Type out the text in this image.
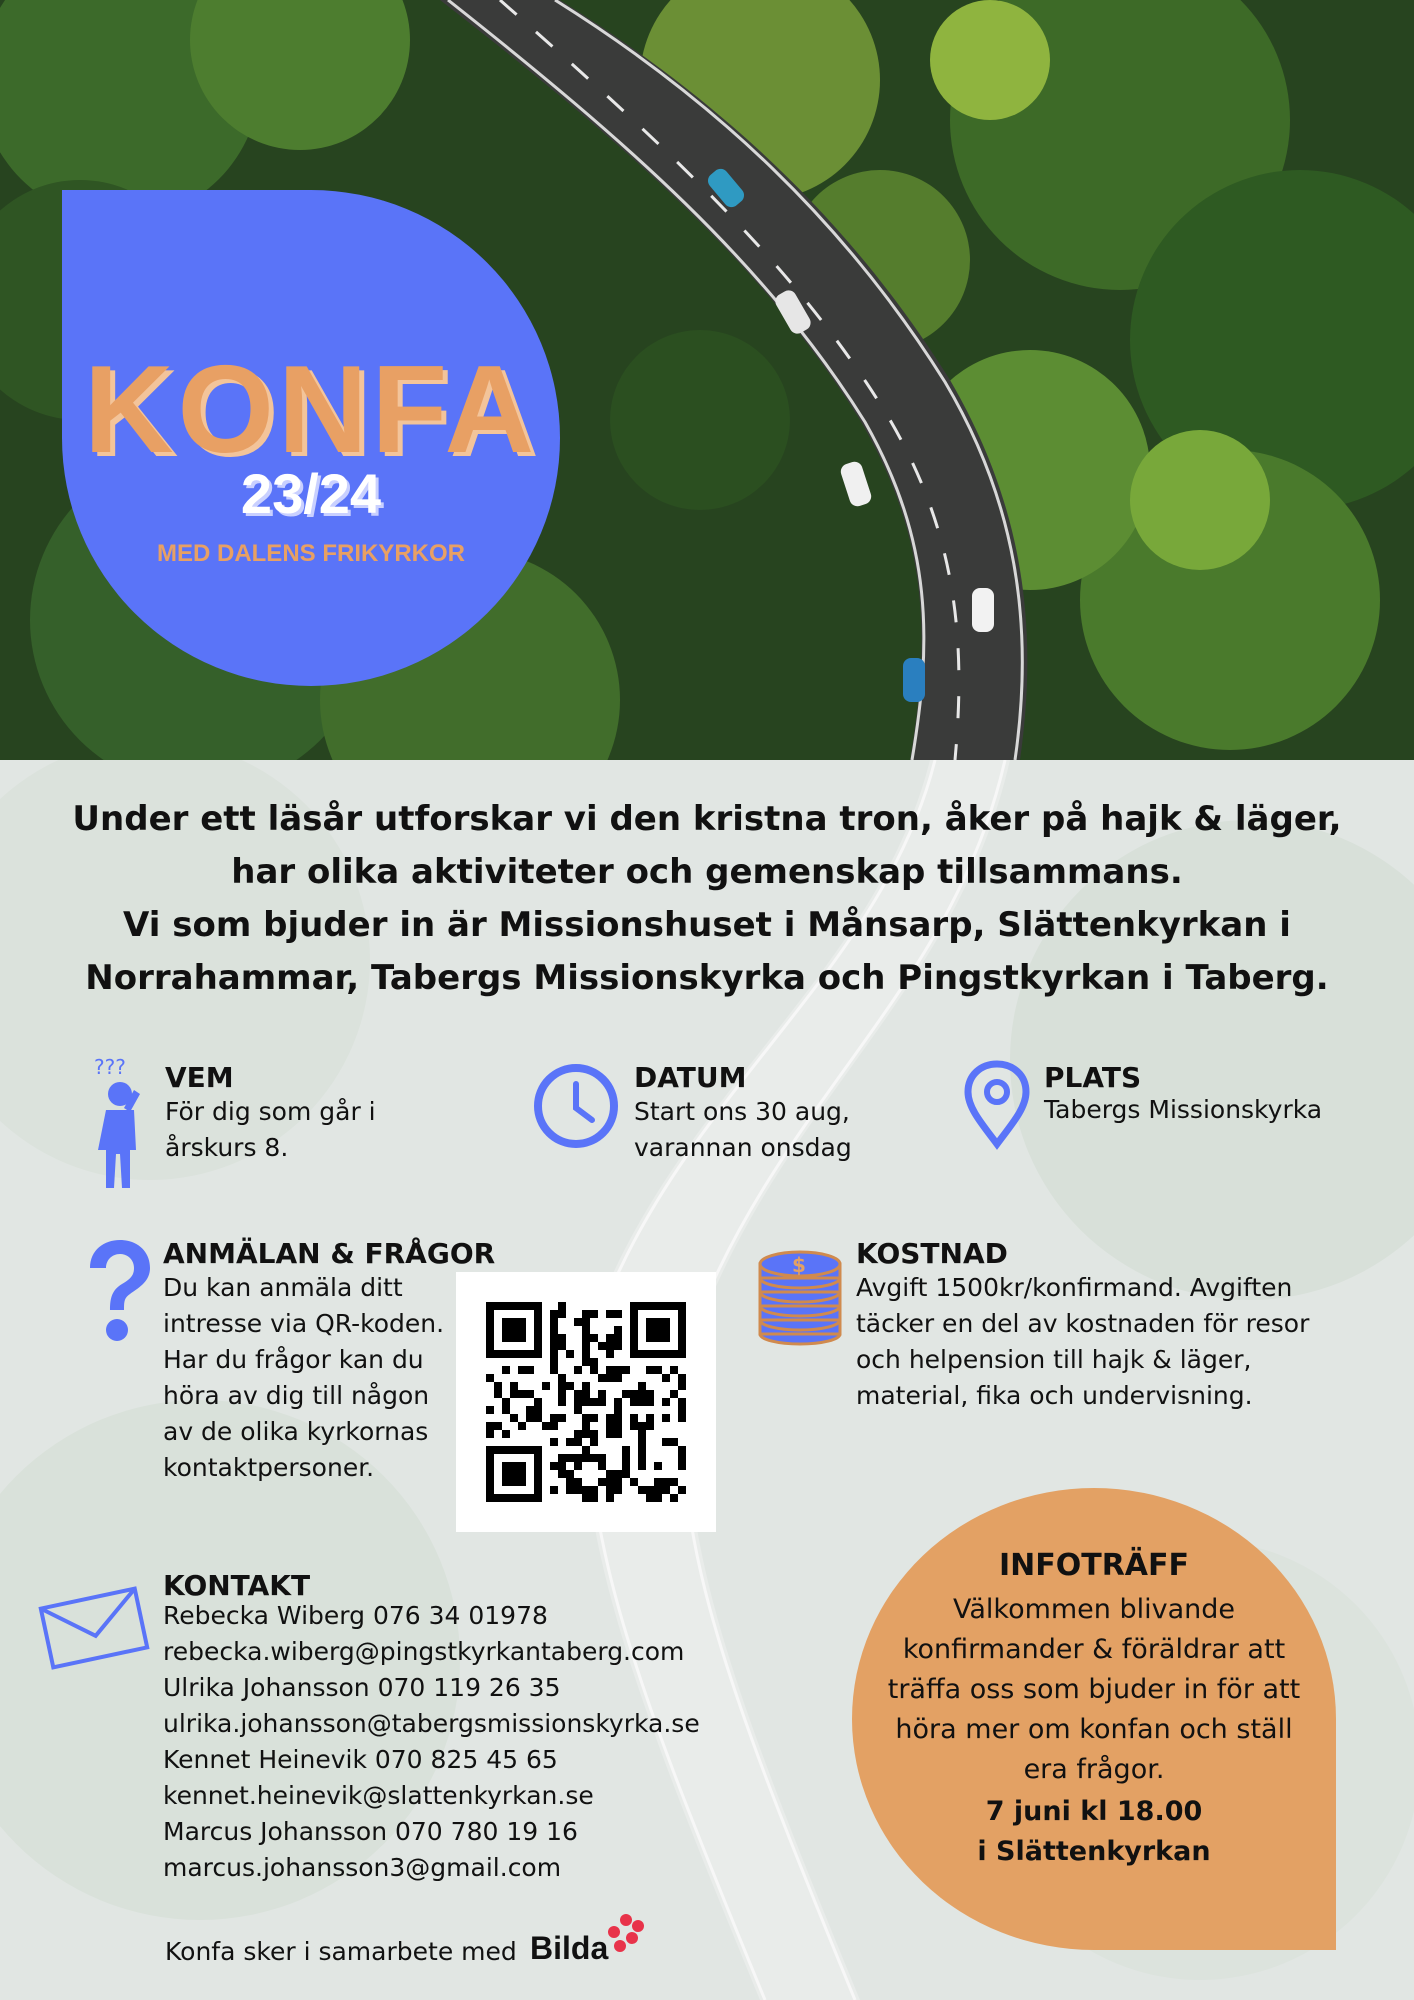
KONFA
23/24
MED DALENS FRIKYRKOR

Under ett läsår utforskar vi den kristna tron, åker på hajk & läger, har olika aktiviteter och gemenskap tillsammans.

Vi som bjuder in är Missionshuset i Månsarp, Slättenkyrkan i Norrahammar, Tabergs Missionskyrka och Pingstkyrkan i Taberg.

??? VEM
För dig som går i
årskurs 8.
DATUM
Start ons 30 aug,
varannan onsdag
PLATS
Tabergs Missionskyrka
ANMÄLAN & FRÅGOR
Du kan anmäla ditt
intresse via QR-koden.
Har du frågor kan du
höra av dig till någon
av de olika kyrkornas
kontaktpersoner.
$ KOSTNAD
Avgift 1500kr/konfirmand. Avgiften
täcker en del av kostnaden för resor
och helpension till hajk & läger,
material, fika och undervisning.
KONTAKT
Rebecka Wiberg 076 34 01978
rebecka.wiberg@pingstkyrkantaberg.com
Ulrika Johansson 070 119 26 35
ulrika.johansson@tabergsmissionskyrka.se
Kennet Heinevik 070 825 45 65
kennet.heinevik@slattenkyrkan.se
Marcus Johansson 070 780 19 16
marcus.johansson3@gmail.com
INFOTRÄFF
Välkommen blivande konfirmander & föräldrar att träffa oss som bjuder in för att höra mer om konfan och ställ era frågor.
7 juni kl 18.00
i Slättenkyrkan
Konfa sker i samarbete med Bilda
